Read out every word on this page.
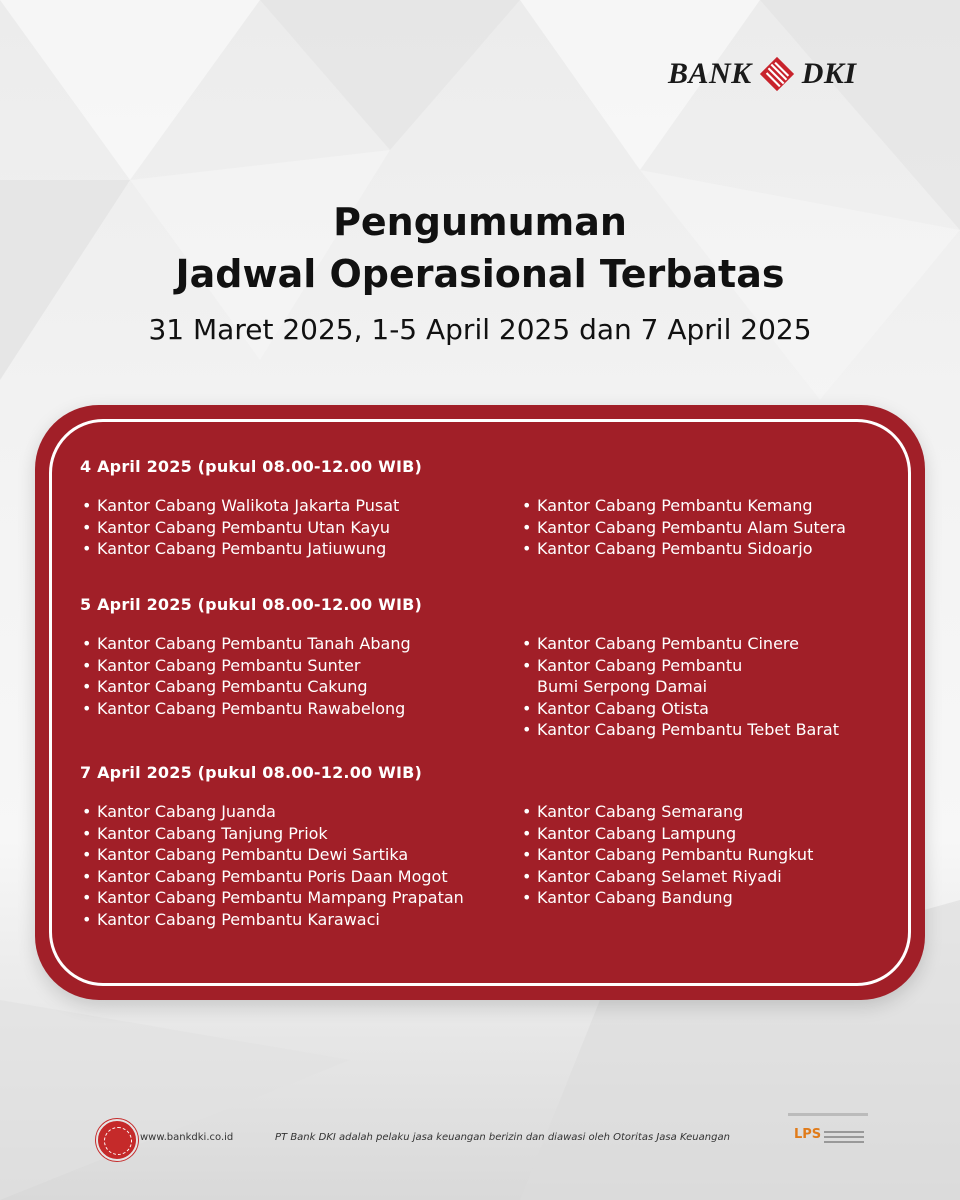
BANK DKI
Pengumuman
Jadwal Operasional Terbatas
31 Maret 2025, 1-5 April 2025 dan 7 April 2025
4 April 2025 (pukul 08.00-12.00 WIB)
• Kantor Cabang Walikota Jakarta Pusat
• Kantor Cabang Pembantu Utan Kayu
• Kantor Cabang Pembantu Jatiuwung
• Kantor Cabang Pembantu Kemang
• Kantor Cabang Pembantu Alam Sutera
• Kantor Cabang Pembantu Sidoarjo
5 April 2025 (pukul 08.00-12.00 WIB)
• Kantor Cabang Pembantu Tanah Abang
• Kantor Cabang Pembantu Sunter
• Kantor Cabang Pembantu Cakung
• Kantor Cabang Pembantu Rawabelong
• Kantor Cabang Pembantu Cinere
• Kantor Cabang Pembantu
Bumi Serpong Damai
• Kantor Cabang Otista
• Kantor Cabang Pembantu Tebet Barat
7 April 2025 (pukul 08.00-12.00 WIB)
• Kantor Cabang Juanda
• Kantor Cabang Tanjung Priok
• Kantor Cabang Pembantu Dewi Sartika
• Kantor Cabang Pembantu Poris Daan Mogot
• Kantor Cabang Pembantu Mampang Prapatan
• Kantor Cabang Pembantu Karawaci
• Kantor Cabang Semarang
• Kantor Cabang Lampung
• Kantor Cabang Pembantu Rungkut
• Kantor Cabang Selamet Riyadi
• Kantor Cabang Bandung
www.bankdki.co.id	PT Bank DKI adalah pelaku jasa keuangan berizin dan diawasi oleh Otoritas Jasa Keuangan	LPS
